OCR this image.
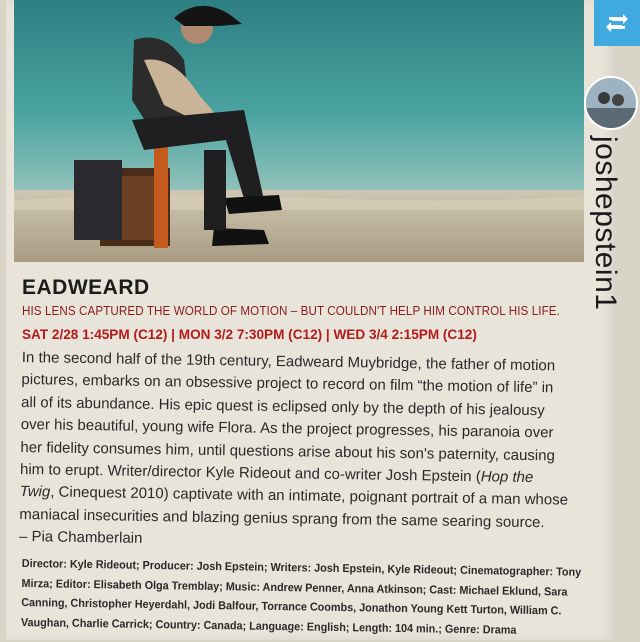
joshepstein1
EADWEARD
HIS LENS CAPTURED THE WORLD OF MOTION – BUT COULDN'T HELP HIM CONTROL HIS LIFE.
SAT 2/28 1:45PM (C12) | MON 3/2 7:30PM (C12) | WED 3/4 2:15PM (C12)
In the second half of the 19th century, Eadweard Muybridge, the father of motion
pictures, embarks on an obsessive project to record on film “the motion of life” in
all of its abundance. His epic quest is eclipsed only by the depth of his jealousy
over his beautiful, young wife Flora. As the project progresses, his paranoia over
her fidelity consumes him, until questions arise about his son's paternity, causing
him to erupt. Writer/director Kyle Rideout and co-writer Josh Epstein (Hop the
Twig, Cinequest 2010) captivate with an intimate, poignant portrait of a man whose
maniacal insecurities and blazing genius sprang from the same searing source.
– Pia Chamberlain
Director: Kyle Rideout; Producer: Josh Epstein; Writers: Josh Epstein, Kyle Rideout; Cinematographer: Tony
Mirza; Editor: Elisabeth Olga Tremblay; Music: Andrew Penner, Anna Atkinson; Cast: Michael Eklund, Sara
Canning, Christopher Heyerdahl, Jodi Balfour, Torrance Coombs, Jonathon Young Kett Turton, William C.
Vaughan, Charlie Carrick; Country: Canada; Language: English; Length: 104 min.; Genre: Drama
